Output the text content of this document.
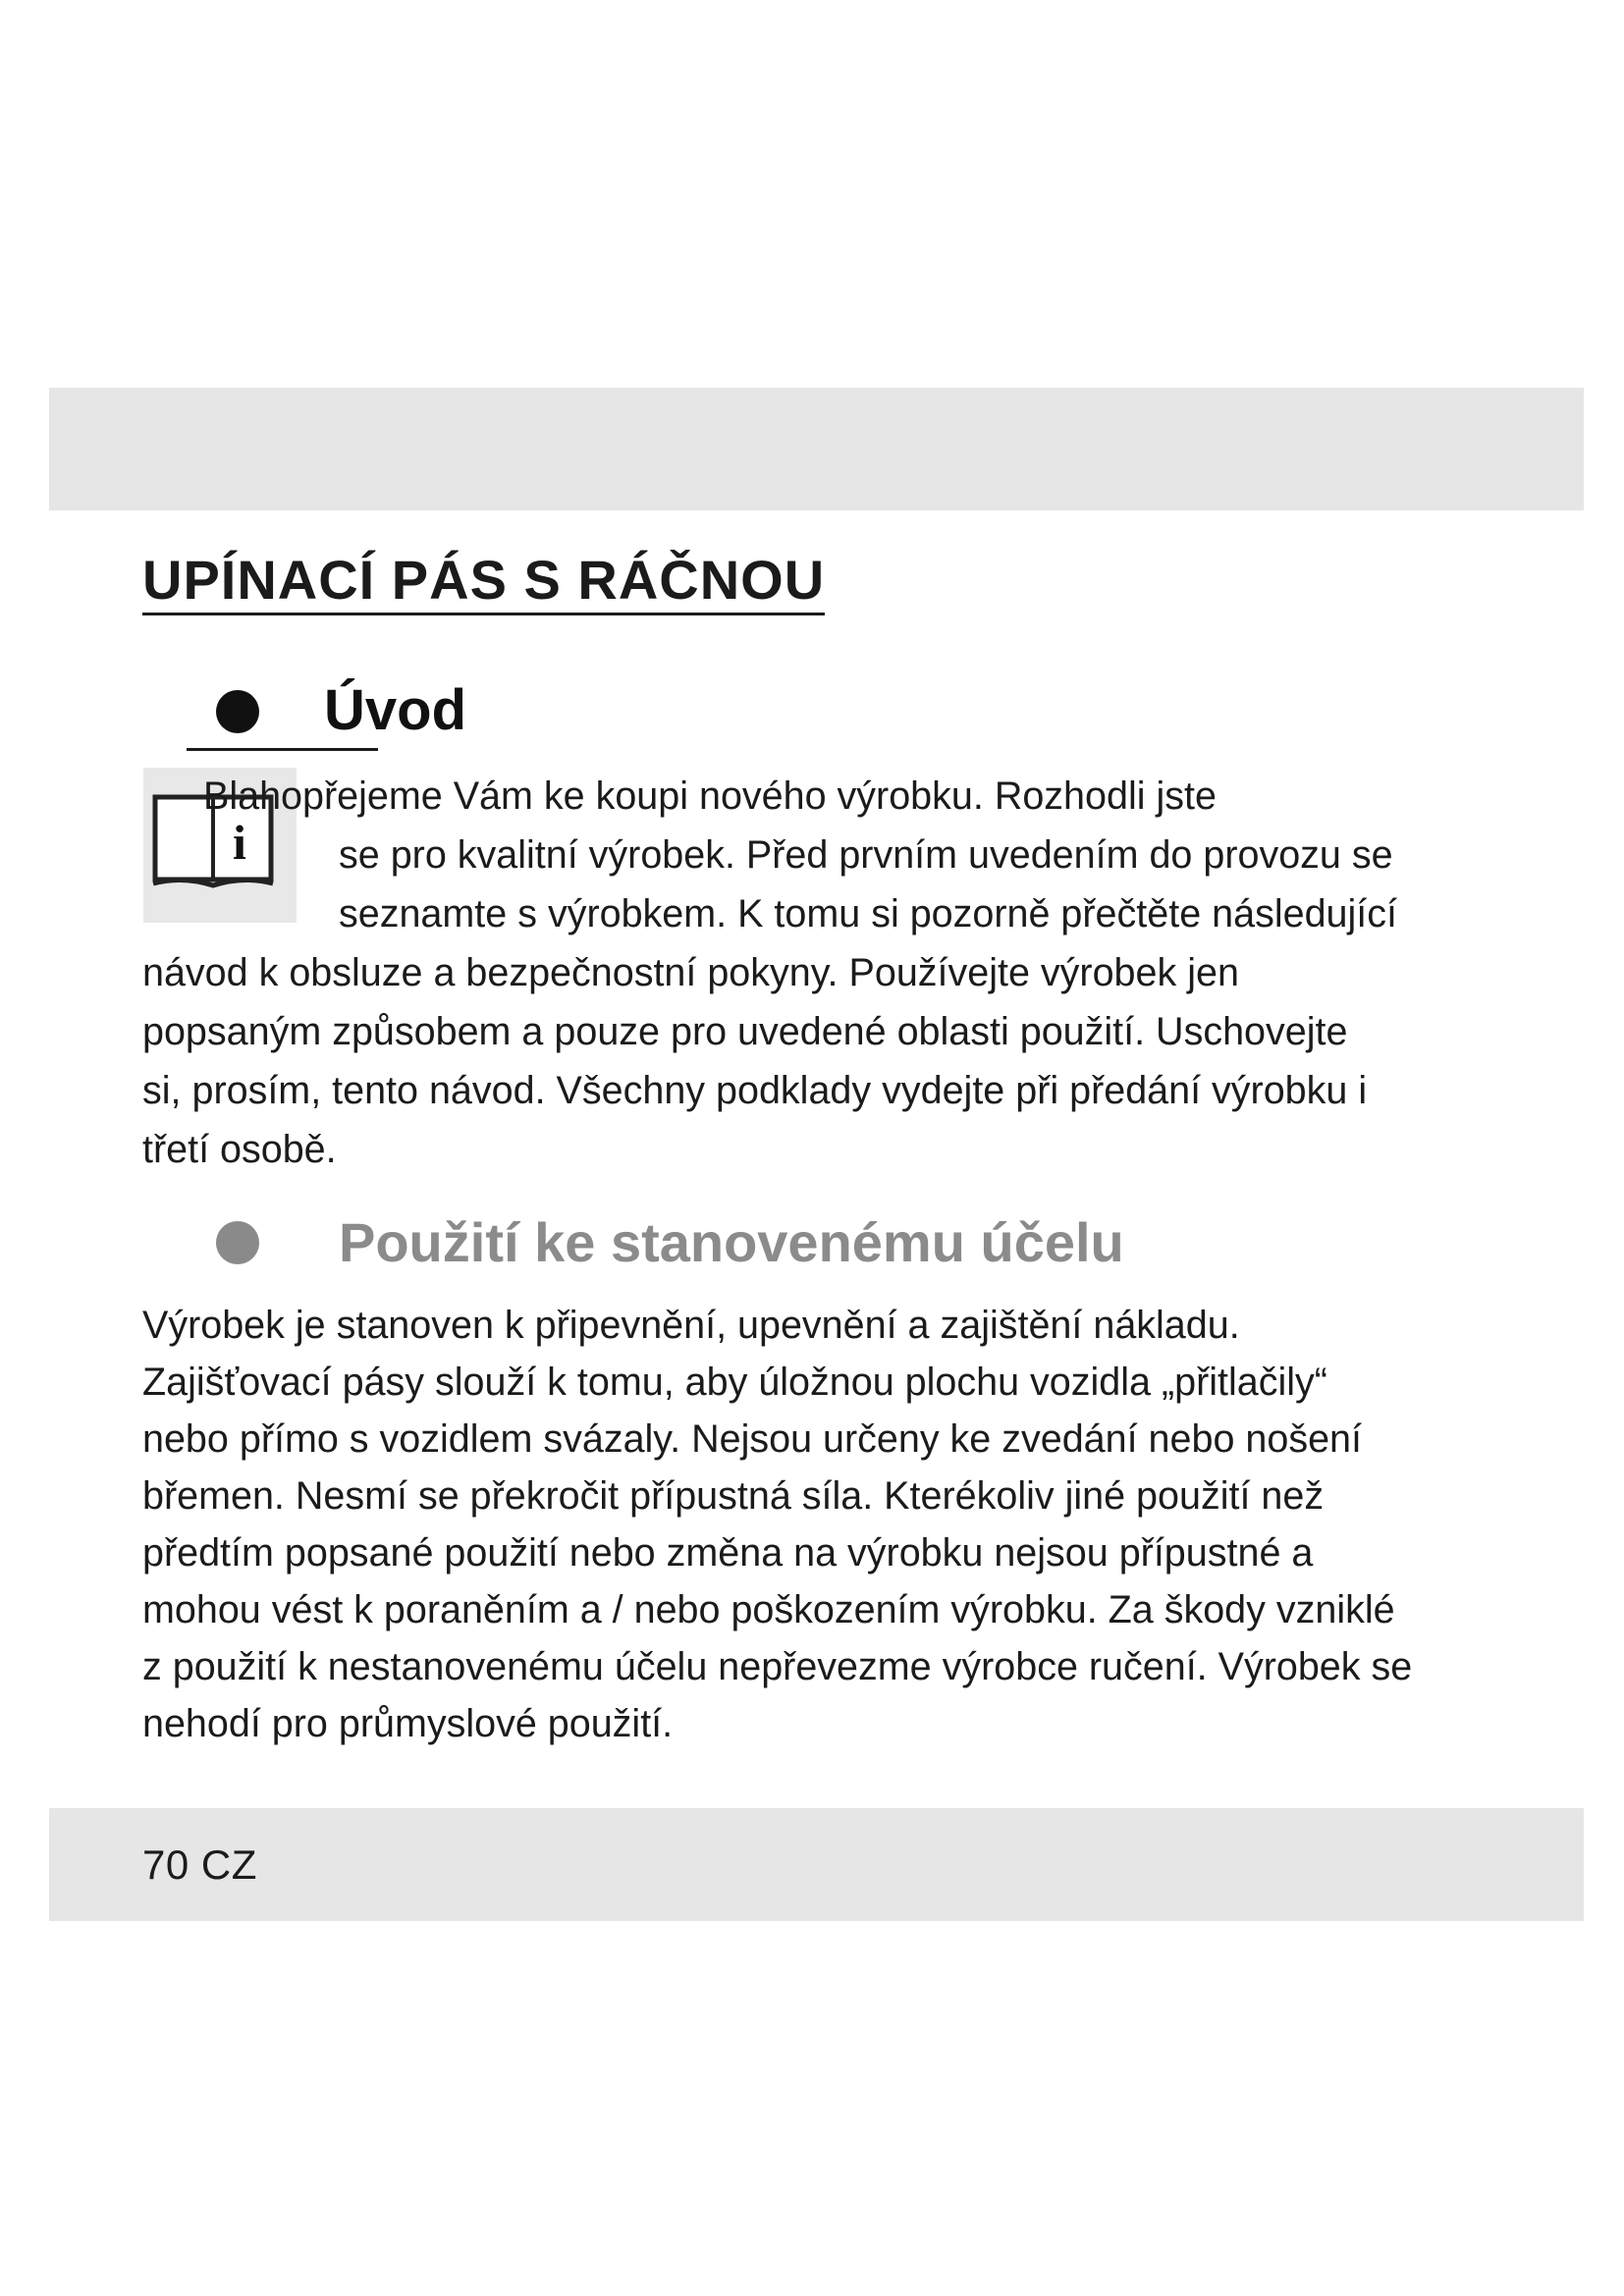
UPÍNACÍ PÁS S RÁČNOU
Úvod
i

Blahopřejeme Vám ke koupi nového výrobku. Rozhodli jste

se pro kvalitní výrobek. Před prvním uvedením do provozu se

seznamte s výrobkem. K tomu si pozorně přečtěte následující

návod k obsluze a bezpečnostní pokyny. Používejte výrobek jen

popsaným způsobem a pouze pro uvedené oblasti použití. Uschovejte

si, prosím, tento návod. Všechny podklady vydejte při předání výrobku i

třetí osobě.

Použití ke stanovenému účelu

Výrobek je stanoven k připevnění, upevnění a zajištění nákladu.

Zajišťovací pásy slouží k tomu, aby úložnou plochu vozidla „přitlačily“

nebo přímo s vozidlem svázaly. Nejsou určeny ke zvedání nebo nošení

břemen. Nesmí se překročit přípustná síla. Kterékoliv jiné použití než

předtím popsané použití nebo změna na výrobku nejsou přípustné a

mohou vést k poraněním a / nebo poškozením výrobku. Za škody vzniklé

z použití k nestanovenému účelu nepřevezme výrobce ručení. Výrobek se

nehodí pro průmyslové použití.

70 CZ
